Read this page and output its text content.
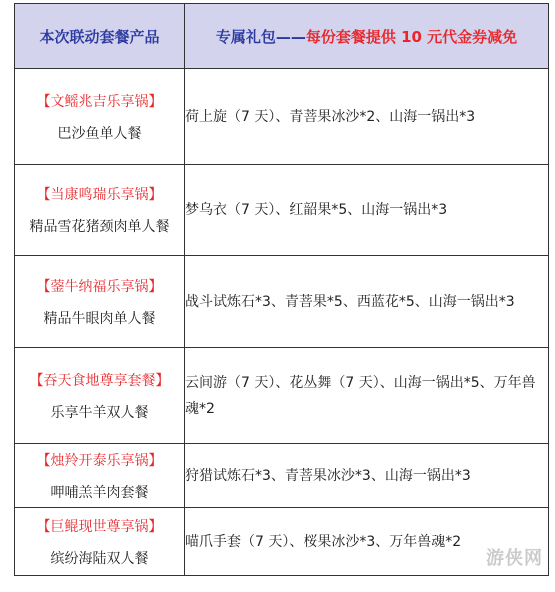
本次联动套餐产品	专属礼包——每份套餐提供 10 元代金券减免

【文鳐兆吉乐享锅】
巴沙鱼单人餐	荷上旋（7 天）、青菩果冰沙*2、山海一锅出*3

【当康鸣瑞乐享锅】
精品雪花猪颈肉单人餐	梦乌衣（7 天）、红韶果*5、山海一锅出*3

【蓥牛纳福乐享锅】
精品牛眼肉单人餐	战斗试炼石*3、青菩果*5、西蓝花*5、山海一锅出*3

【吞天食地尊享套餐】
乐享牛羊双人餐	云间游（7 天）、花丛舞（7 天）、山海一锅出*5、万年兽魂*2

【烛羚开泰乐享锅】
呷哺羔羊肉套餐	狩猎试炼石*3、青菩果冰沙*3、山海一锅出*3

【巨鲲现世尊享锅】
缤纷海陆双人餐	喵爪手套（7 天）、桜果冰沙*3、万年兽魂*2
游侠网
